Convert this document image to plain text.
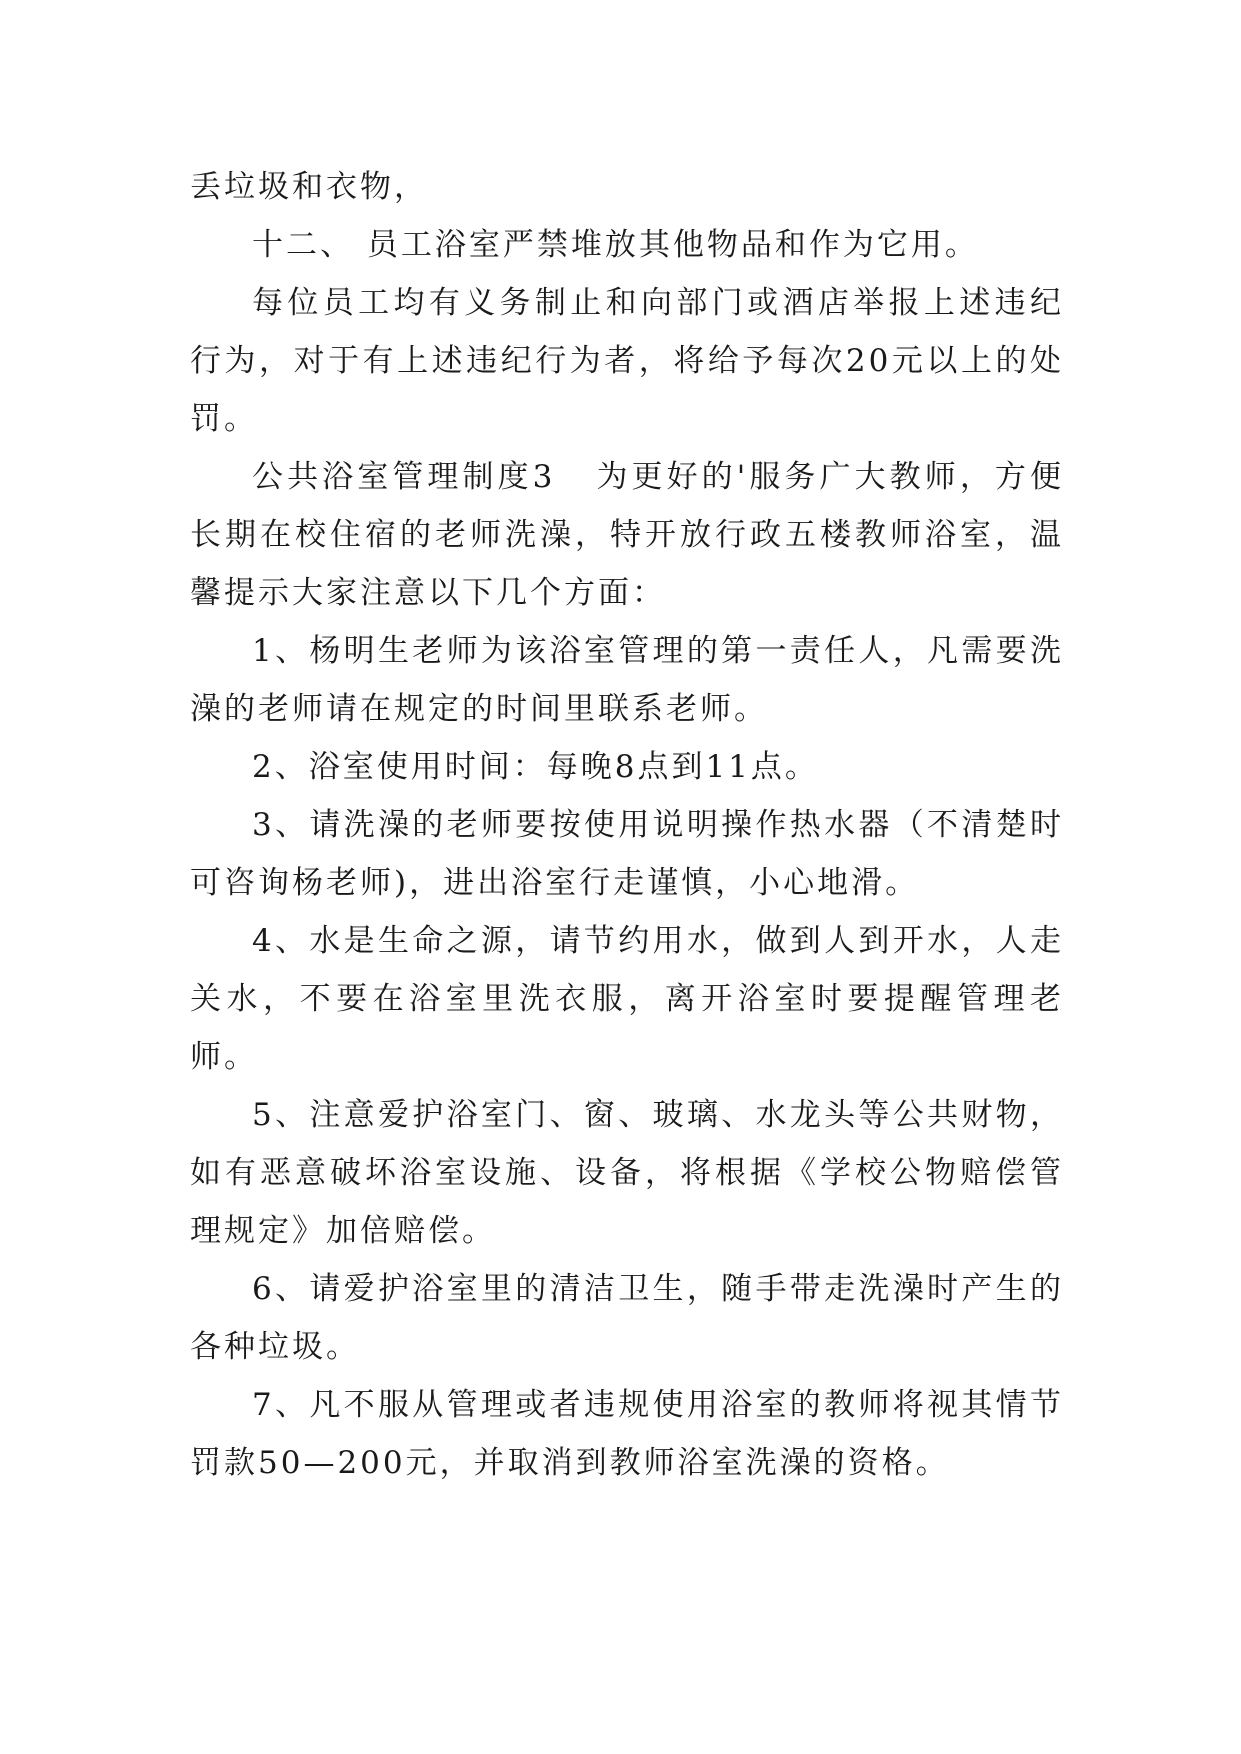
丢垃圾和衣物，

十二、 员工浴室严禁堆放其他物品和作为它用。

每位员工均有义务制止和向部门或酒店举报上述违纪行为，对于有上述违纪行为者，将给予每次20元以上的处罚。

公共浴室管理制度3 为更好的'服务广大教师，方便长期在校住宿的老师洗澡，特开放行政五楼教师浴室，温馨提示大家注意以下几个方面：

1、杨明生老师为该浴室管理的第一责任人，凡需要洗澡的老师请在规定的时间里联系老师。

2、浴室使用时间：每晚8点到11点。

3、请洗澡的老师要按使用说明操作热水器（不清楚时可咨询杨老师)，进出浴室行走谨慎，小心地滑。

4、水是生命之源，请节约用水，做到人到开水，人走关水，不要在浴室里洗衣服，离开浴室时要提醒管理老师。

5、注意爱护浴室门、窗、玻璃、水龙头等公共财物，如有恶意破坏浴室设施、设备，将根据《学校公物赔偿管理规定》加倍赔偿。

6、请爱护浴室里的清洁卫生，随手带走洗澡时产生的各种垃圾。

7、凡不服从管理或者违规使用浴室的教师将视其情节罚款50—200元，并取消到教师浴室洗澡的资格。
